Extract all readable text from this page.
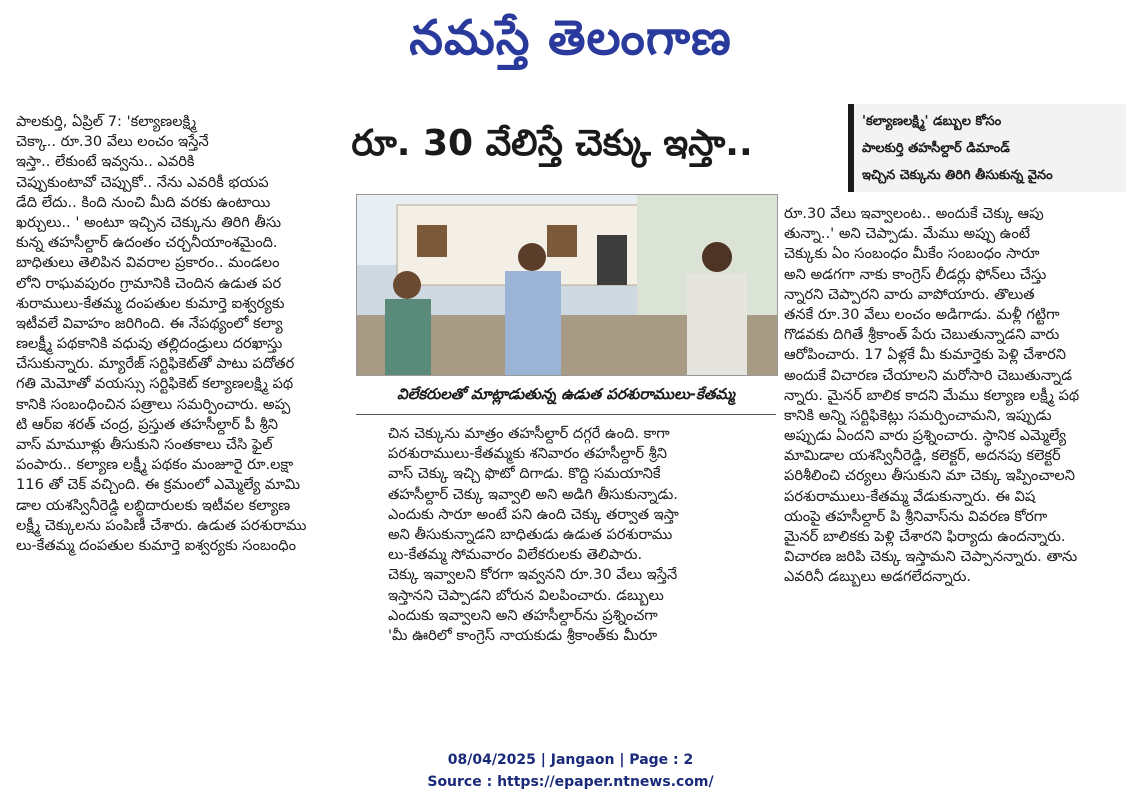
నమస్తే తెలంగాణ
పాలకుర్తి, ఏప్రిల్ 7: 'కల్యాణలక్ష్మి
చెక్కా.. రూ.30 వేలు లంచం ఇస్తేనే
ఇస్తా.. లేకుంటే ఇవ్వను.. ఎవరికి
చెప్పుకుంటావో చెప్పుకో.. నేను ఎవరికీ భయప
డేది లేదు.. కింది నుంచి మీది వరకు ఉంటాయి
ఖర్చులు.. ' అంటూ ఇచ్చిన చెక్కును తిరిగి తీసు
కున్న తహసీల్దార్ ఉదంతం చర్చనీయాంశమైంది.
బాధితులు తెలిపిన వివరాల ప్రకారం.. మండలం
లోని రాఘవపురం గ్రామానికి చెందిన ఉడుత పర
శురాములు-కేతమ్మ దంపతుల కుమార్తె ఐశ్వర్యకు
ఇటీవలే వివాహం జరిగింది. ఈ నేపథ్యంలో కల్యా
ణలక్ష్మీ పథకానికి వధువు తల్లిదండ్రులు దరఖాస్తు
చేసుకున్నారు. మ్యారేజ్ సర్టిఫికెట్‌తో పాటు పదోతర
గతి మెమోతో వయస్సు సర్టిఫికెట్ కల్యాణలక్ష్మి పథ
కానికి సంబంధించిన పత్రాలు సమర్పించారు. అప్ప
టి ఆర్‌ఐ శరత్ చంద్ర, ప్రస్తుత తహసీల్దార్ పీ శ్రీని
వాస్ మామూళ్లు తీసుకుని సంతకాలు చేసి ఫైల్
పంపారు.. కల్యాణ లక్ష్మీ పథకం మంజూరై రూ.లక్షా
116 తో చెక్ వచ్చింది. ఈ క్రమంలో ఎమ్మెల్యే మామి
డాల యశస్వినీరెడ్డి లబ్ధిదారులకు ఇటీవల కల్యాణ
లక్ష్మీ చెక్కులను పంపిణీ చేశారు. ఉడుత పరశురాము
లు-కేతమ్మ దంపతుల కుమార్తె ఐశ్వర్యకు సంబంధిం
రూ. 30 వేలిస్తే చెక్కు ఇస్తా..
'కల్యాణలక్ష్మి' డబ్బుల కోసం
పాలకుర్తి తహసీల్దార్ డిమాండ్
ఇచ్చిన చెక్కును తిరిగి తీసుకున్న వైనం
విలేకరులతో మాట్లాడుతున్న ఉడుత పరశురాములు-కేతమ్మ
చిన చెక్కును మాత్రం తహసీల్దార్ దగ్గరే ఉంది. కాగా
పరశురాములు-కేతమ్మకు శనివారం తహసీల్దార్ శ్రీని
వాస్ చెక్కు ఇచ్చి ఫొటో దిగాడు. కొద్ది సమయానికే
తహసీల్దార్ చెక్కు ఇవ్వాలి అని అడిగి తీసుకున్నాడు.
ఎందుకు సారూ అంటే పని ఉంది చెక్కు తర్వాత ఇస్తా
అని తీసుకున్నాడని బాధితుడు ఉడుత పరశురాము
లు-కేతమ్మ సోమవారం విలేకరులకు తెలిపారు.
చెక్కు ఇవ్వాలని కోరగా ఇవ్వనని రూ.30 వేలు ఇస్తేనే
ఇస్తానని చెప్పాడని బోరున విలపించారు. డబ్బులు
ఎందుకు ఇవ్వాలని అని తహసీల్దార్‌ను ప్రశ్నించగా
'మీ ఊరిలో కాంగ్రెస్ నాయకుడు శ్రీకాంత్‌కు మీరూ
రూ.30 వేలు ఇవ్వాలంట.. అందుకే చెక్కు ఆపు
తున్నా..' అని చెప్పాడు. మేము అప్పు ఉంటే
చెక్కుకు ఏం సంబంధం మీకేం సంబంధం సారూ
అని అడగగా నాకు కాంగ్రెస్ లీడర్లు ఫోన్‌లు చేస్తు
న్నారని చెప్పారని వారు వాపోయారు. తొలుత
తనకే రూ.30 వేలు లంచం అడిగాడు. మళ్లీ గట్టిగా
గొడవకు దిగితే శ్రీకాంత్ పేరు చెబుతున్నాడని వారు
ఆరోపించారు. 17 ఏళ్లకే మీ కుమార్తెకు పెళ్లి చేశారని
అందుకే విచారణ చేయాలని మరోసారి చెబుతున్నాడ
న్నారు. మైనర్ బాలిక కాదని మేము కల్యాణ లక్ష్మీ పథ
కానికి అన్ని సర్టిఫికెట్లు సమర్పించామని, ఇప్పుడు
అప్పుడు ఏందని వారు ప్రశ్నించారు. స్థానిక ఎమ్మెల్యే
మామిడాల యశస్వినీరెడ్డి, కలెక్టర్, అదనపు కలెక్టర్
పరిశీలించి చర్యలు తీసుకుని మా చెక్కు ఇప్పించాలని
పరశురాములు-కేతమ్మ వేడుకున్నారు. ఈ విష
యంపై తహసీల్దార్ పి శ్రీనివాస్‌ను వివరణ కోరగా
మైనర్ బాలికకు పెళ్లి చేశారని ఫిర్యాదు ఉందన్నారు.
విచారణ జరిపి చెక్కు ఇస్తామని చెప్పానన్నారు. తాను
ఎవరినీ డబ్బులు అడగలేదన్నారు.
08/04/2025 | Jangaon | Page : 2
Source : https://epaper.ntnews.com/
